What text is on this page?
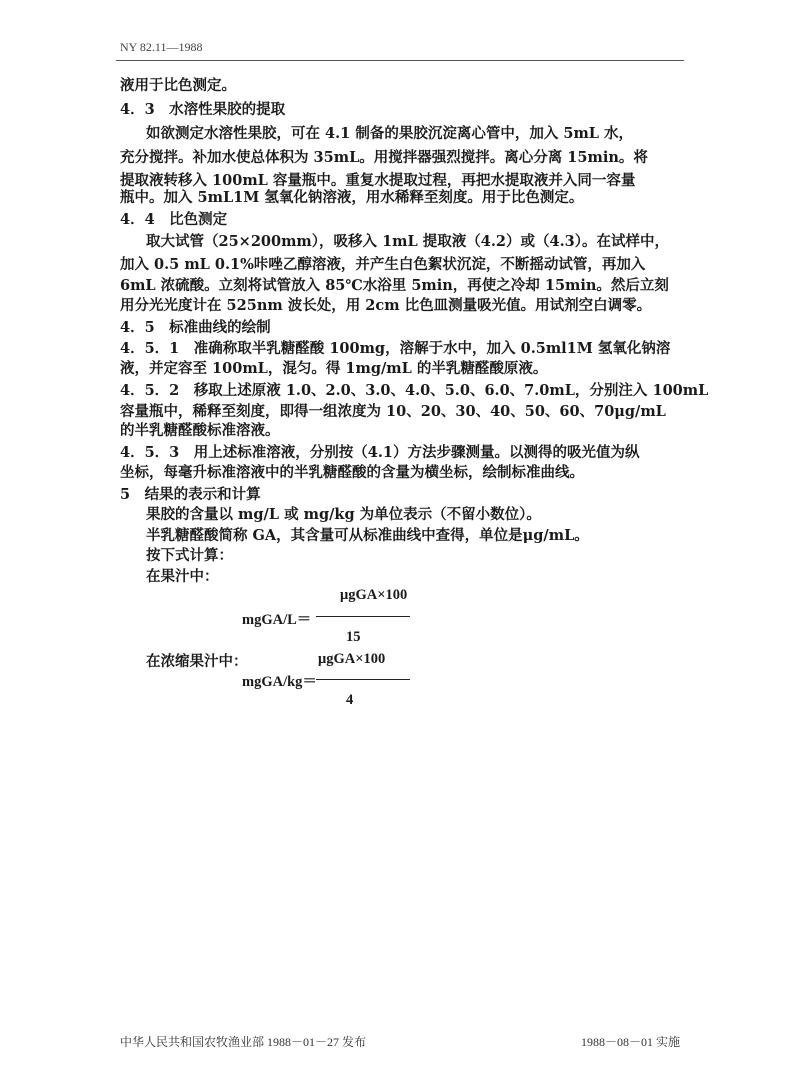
NY 82.11—1988
液用于比色测定。
4．3　水溶性果胶的提取
如欲测定水溶性果胶，可在 4.1 制备的果胶沉淀离心管中，加入 5mL 水，
充分搅拌。补加水使总体积为 35mL。用搅拌器强烈搅拌。离心分离 15min。将
提取液转移入 100mL 容量瓶中。重复水提取过程，再把水提取液并入同一容量
瓶中。加入 5mL1M 氢氧化钠溶液，用水稀释至刻度。用于比色测定。
4．4　比色测定
取大试管（25×200mm），吸移入 1mL 提取液（4.2）或（4.3）。在试样中，
加入 0.5 mL 0.1%咔唑乙醇溶液，并产生白色絮状沉淀，不断摇动试管，再加入
6mL 浓硫酸。立刻将试管放入 85℃水浴里 5min，再使之冷却 15min。然后立刻
用分光光度计在 525nm 波长处，用 2cm 比色皿测量吸光值。用试剂空白调零。
4．5　标准曲线的绘制
4．5．1　准确称取半乳糖醛酸 100mg，溶解于水中，加入 0.5ml1M 氢氧化钠溶
液，并定容至 100mL，混匀。得 1mg/mL 的半乳糖醛酸原液。
4．5．2　移取上述原液 1.0、2.0、3.0、4.0、5.0、6.0、7.0mL，分别注入 100mL
容量瓶中，稀释至刻度，即得一组浓度为 10、20、30、40、50、60、70μg/mL
的半乳糖醛酸标准溶液。
4．5．3　用上述标准溶液，分别按（4.1）方法步骤测量。以测得的吸光值为纵
坐标，每毫升标准溶液中的半乳糖醛酸的含量为横坐标，绘制标准曲线。
5　结果的表示和计算
果胶的含量以 mg/L 或 mg/kg 为单位表示（不留小数位）。
半乳糖醛酸简称 GA，其含量可从标准曲线中查得，单位是μg/mL。
按下式计算：
在果汁中：
μgGA×100
mgGA/L＝
15
在浓缩果汁中：	μgGA×100
mgGA/kg＝
4
中华人民共和国农牧渔业部 1988－01－27 发布	1988－08－01 实施
